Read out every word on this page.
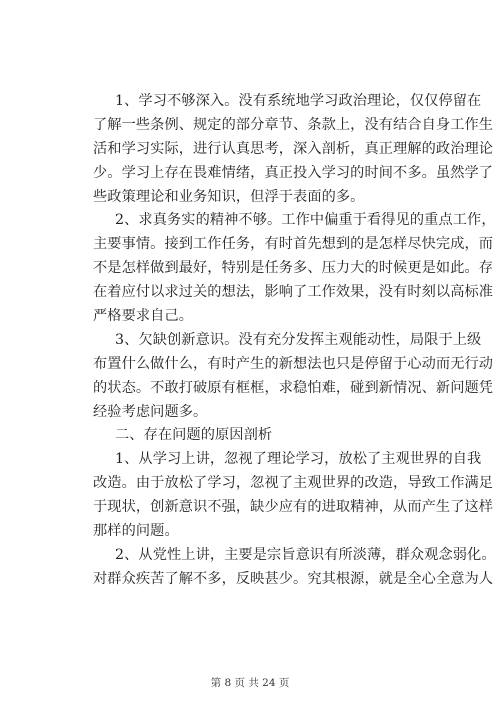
1、学习不够深入。没有系统地学习政治理论，仅仅停留在
了解一些条例、规定的部分章节、条款上，没有结合自身工作生
活和学习实际，进行认真思考，深入剖析，真正理解的政治理论
少。学习上存在畏难情绪，真正投入学习的时间不多。虽然学了
些政策理论和业务知识，但浮于表面的多。
2、求真务实的精神不够。工作中偏重于看得见的重点工作，
主要事情。接到工作任务，有时首先想到的是怎样尽快完成，而
不是怎样做到最好，特别是任务多、压力大的时候更是如此。存
在着应付以求过关的想法，影响了工作效果，没有时刻以高标准
严格要求自己。
3、欠缺创新意识。没有充分发挥主观能动性，局限于上级
布置什么做什么，有时产生的新想法也只是停留于心动而无行动
的状态。不敢打破原有框框，求稳怕难，碰到新情况、新问题凭
经验考虑问题多。
二、存在问题的原因剖析
1、从学习上讲，忽视了理论学习，放松了主观世界的自我
改造。由于放松了学习，忽视了主观世界的改造，导致工作满足
于现状，创新意识不强，缺少应有的进取精神，从而产生了这样
那样的问题。
2、从党性上讲，主要是宗旨意识有所淡薄，群众观念弱化。
对群众疾苦了解不多，反映甚少。究其根源，就是全心全意为人
第 8 页 共 24 页
